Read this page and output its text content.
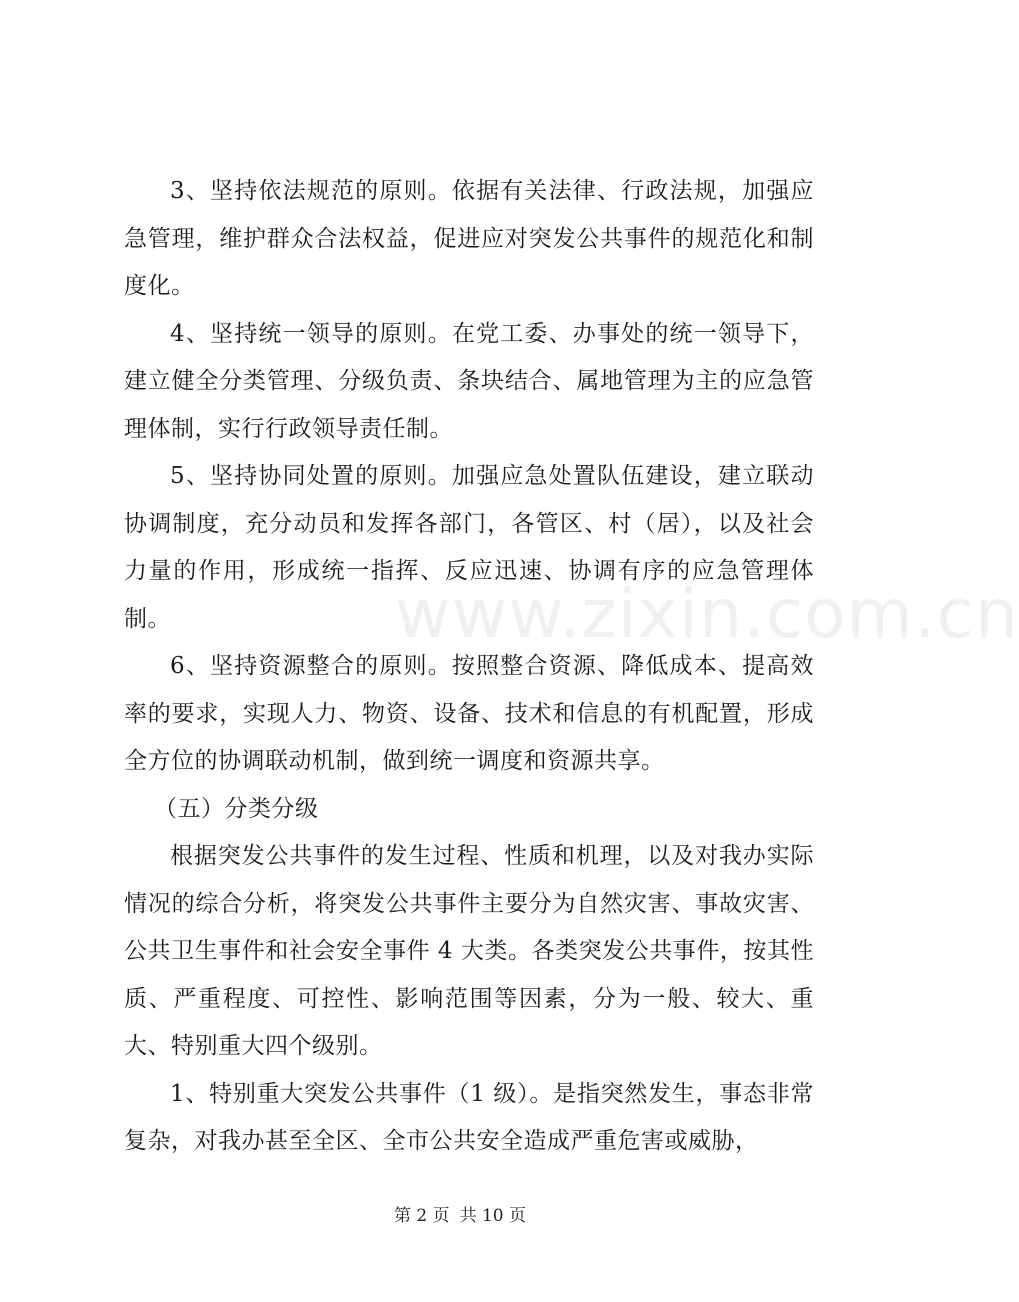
3、坚持依法规范的原则。依据有关法律、行政法规，加强应急管理，维护群众合法权益，促进应对突发公共事件的规范化和制度化。

4、坚持统一领导的原则。在党工委、办事处的统一领导下，建立健全分类管理、分级负责、条块结合、属地管理为主的应急管理体制，实行行政领导责任制。

5、坚持协同处置的原则。加强应急处置队伍建设，建立联动协调制度，充分动员和发挥各部门，各管区、村（居），以及社会力量的作用，形成统一指挥、反应迅速、协调有序的应急管理体制。

6、坚持资源整合的原则。按照整合资源、降低成本、提高效率的要求，实现人力、物资、设备、技术和信息的有机配置，形成全方位的协调联动机制，做到统一调度和资源共享。

（五）分类分级

根据突发公共事件的发生过程、性质和机理，以及对我办实际情况的综合分析，将突发公共事件主要分为自然灾害、事故灾害、公共卫生事件和社会安全事件 4 大类。各类突发公共事件，按其性质、严重程度、可控性、影响范围等因素，分为一般、较大、重大、特别重大四个级别。

1、特别重大突发公共事件（1 级）。是指突然发生，事态非常复杂，对我办甚至全区、全市公共安全造成严重危害或威胁，

www.zixin.com.cn
第 2 页 共 10 页
